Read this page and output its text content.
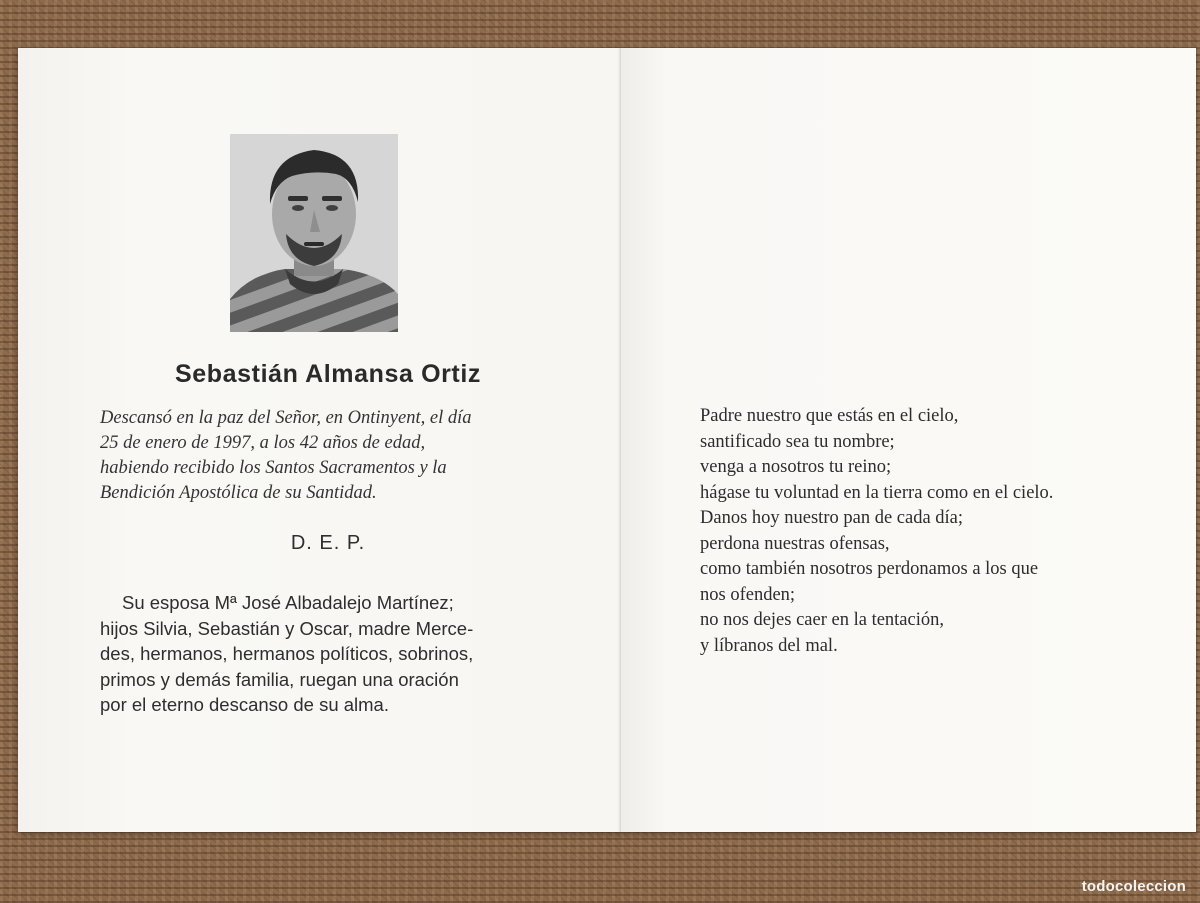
Sebastián Almansa Ortiz
Descansó en la paz del Señor, en Ontinyent, el día
25 de enero de 1997, a los 42 años de edad,
habiendo recibido los Santos Sacramentos y la
Bendición Apostólica de su Santidad.
D. E. P.
Su esposa Mª José Albadalejo Martínez;
hijos Silvia, Sebastián y Oscar, madre Merce-
des, hermanos, hermanos políticos, sobrinos,
primos y demás familia, ruegan una oración
por el eterno descanso de su alma.
Padre nuestro que estás en el cielo,
santificado sea tu nombre;
venga a nosotros tu reino;
hágase tu voluntad en la tierra como en el cielo.
Danos hoy nuestro pan de cada día;
perdona nuestras ofensas,
como también nosotros perdonamos a los que
nos ofenden;
no nos dejes caer en la tentación,
y líbranos del mal.
todocoleccion
